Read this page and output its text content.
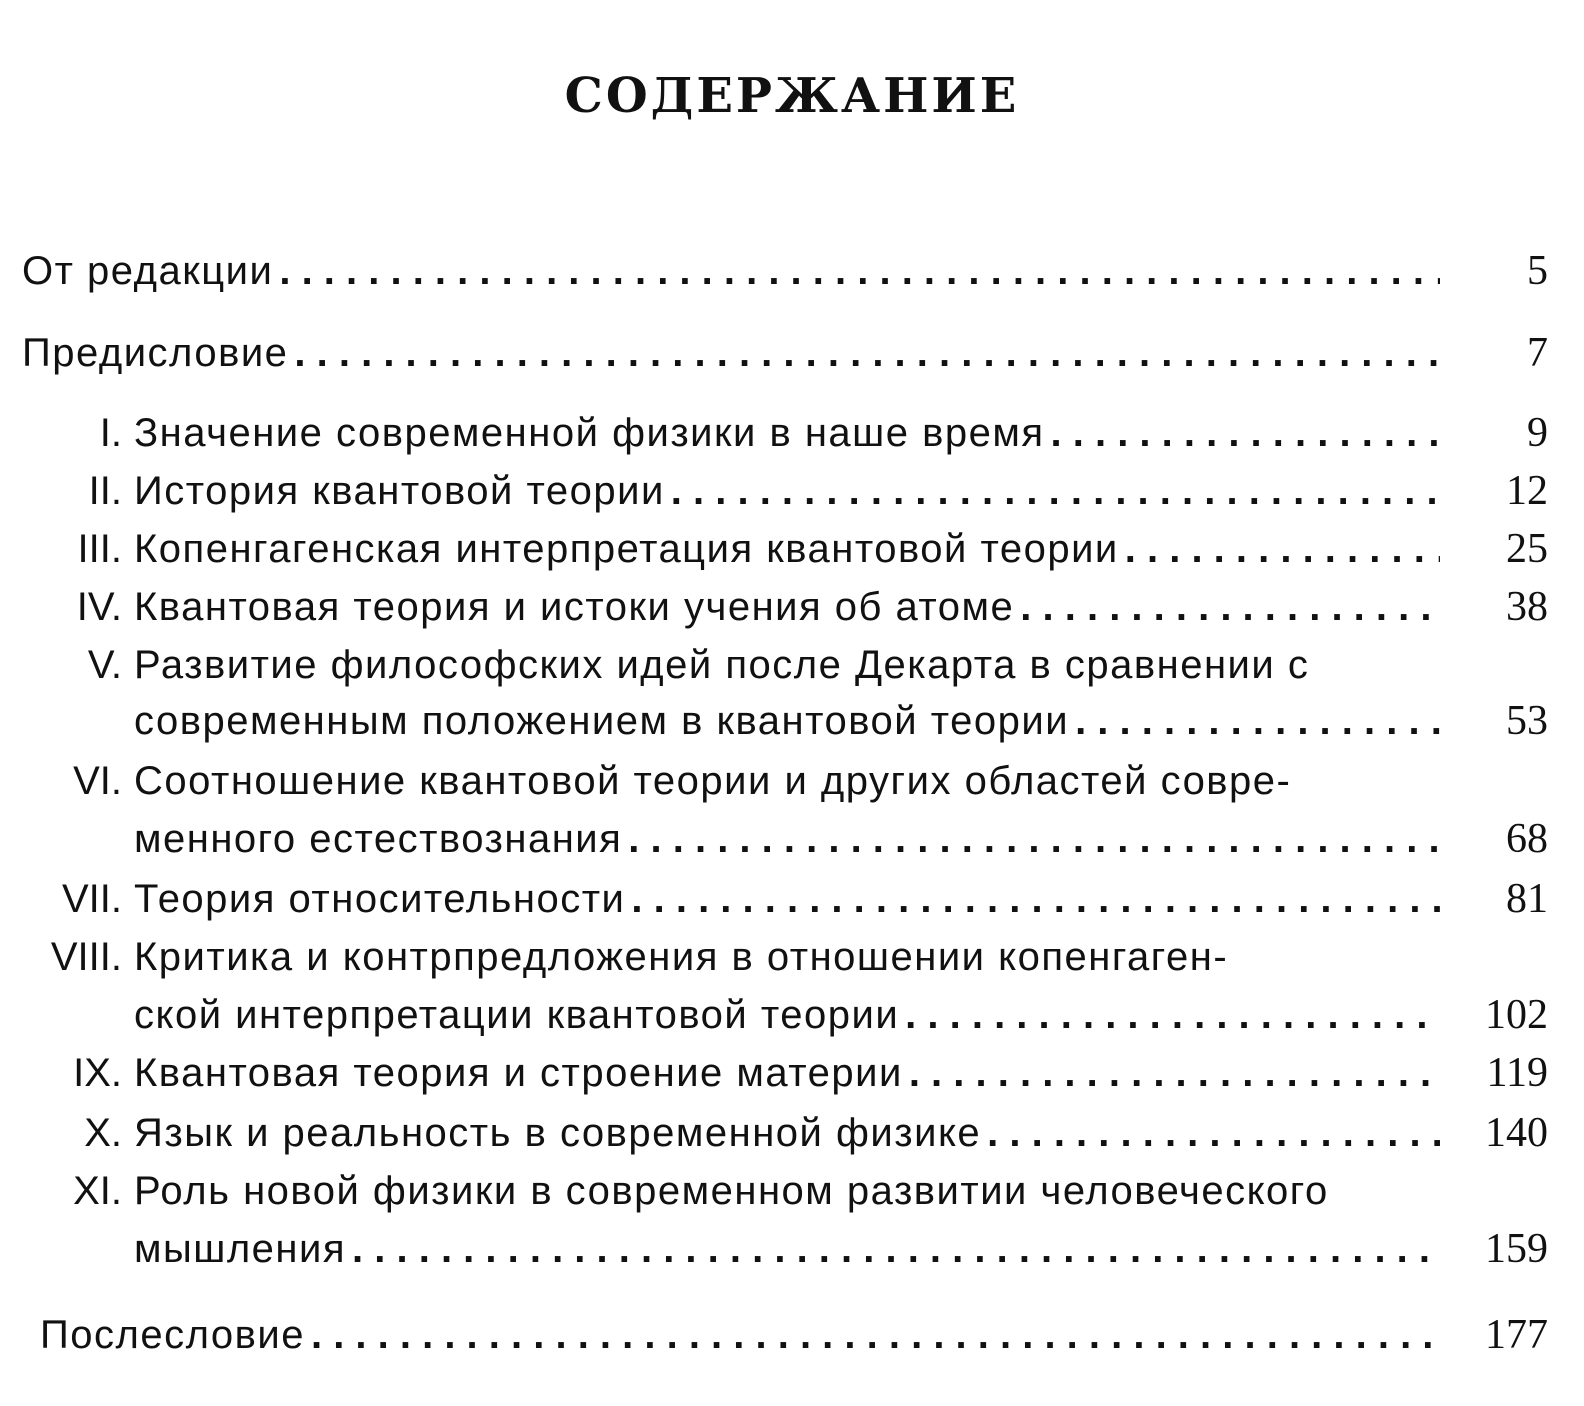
СОДЕРЖАНИЕ
От редакции . . .	5
Предисловие . . .	7
I. Значение современной физики в наше время . . .	9
II. История квантовой теории . . .	12
III. Копенгагенская интерпретация квантовой теории . . .	25
IV. Квантовая теория и истоки учения об атоме . . .	38
V. Развитие философских идей после Декарта в сравнении с
современным положением в квантовой теории . . .	53
VI. Соотношение квантовой теории и других областей совре-
менного естествознания . . .	68
VII. Теория относительности . . .	81
VIII. Критика и контрпредложения в отношении копенгаген-
ской интерпретации квантовой теории . . .	102
IX. Квантовая теория и строение материи . . .	119
X. Язык и реальность в современной физике . . .	140
XI. Роль новой физики в современном развитии человеческого
мышления . . .	159
Послесловие . . .	177
